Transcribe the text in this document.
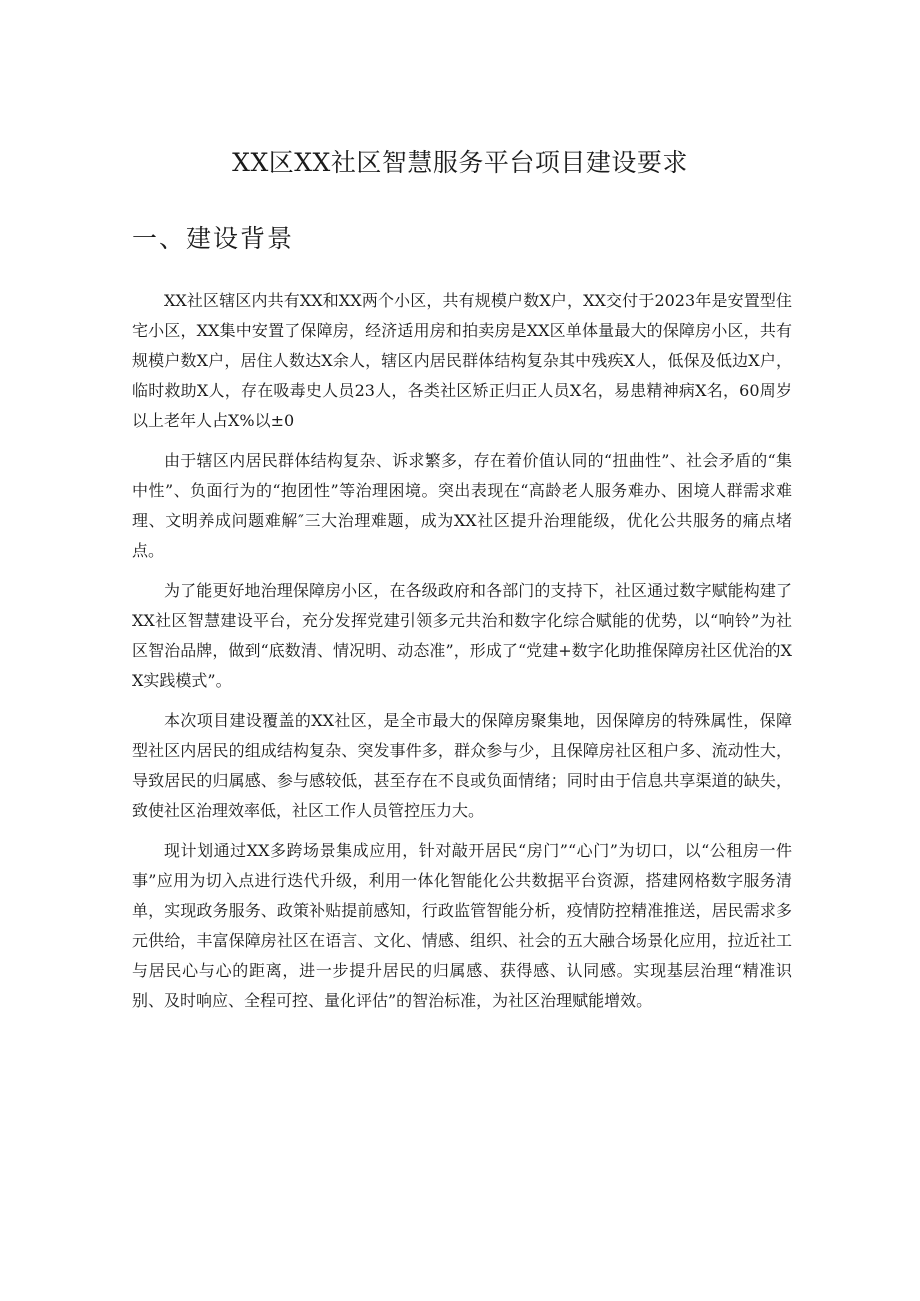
XX区XX社区智慧服务平台项目建设要求
一、建设背景

XX社区辖区内共有XX和XX两个小区，共有规模户数X户，XX交付于2023年是安置型住宅小区，XX集中安置了保障房，经济适用房和拍卖房是XX区单体量最大的保障房小区，共有规模户数X户，居住人数达X余人，辖区内居民群体结构复杂其中残疾X人，低保及低边X户，临时救助X人，存在吸毒史人员23人，各类社区矫正归正人员X名，易患精神病X名，60周岁以上老年人占X%以±0

由于辖区内居民群体结构复杂、诉求繁多，存在着价值认同的“扭曲性”、社会矛盾的“集中性”、负面行为的“抱团性”等治理困境。突出表现在“高龄老人服务难办、困境人群需求难理、文明养成问题难解″三大治理难题，成为XX社区提升治理能级，优化公共服务的痛点堵点。

为了能更好地治理保障房小区，在各级政府和各部门的支持下，社区通过数字赋能构建了XX社区智慧建设平台，充分发挥党建引领多元共治和数字化综合赋能的优势，以“响铃”为社区智治品牌，做到“底数清、情况明、动态准”，形成了“党建+数字化助推保障房社区优治的XX实践模式”。

本次项目建设覆盖的XX社区，是全市最大的保障房聚集地，因保障房的特殊属性，保障型社区内居民的组成结构复杂、突发事件多，群众参与少，且保障房社区租户多、流动性大，导致居民的归属感、参与感较低，甚至存在不良或负面情绪；同时由于信息共享渠道的缺失，致使社区治理效率低，社区工作人员管控压力大。

现计划通过XX多跨场景集成应用，针对敲开居民“房门”“心门”为切口，以“公租房一件事”应用为切入点进行迭代升级，利用一体化智能化公共数据平台资源，搭建网格数字服务清单，实现政务服务、政策补贴提前感知，行政监管智能分析，疫情防控精准推送，居民需求多元供给，丰富保障房社区在语言、文化、情感、组织、社会的五大融合场景化应用，拉近社工与居民心与心的距离，进一步提升居民的归属感、获得感、认同感。实现基层治理“精准识别、及时响应、全程可控、量化评估”的智治标准，为社区治理赋能增效。
